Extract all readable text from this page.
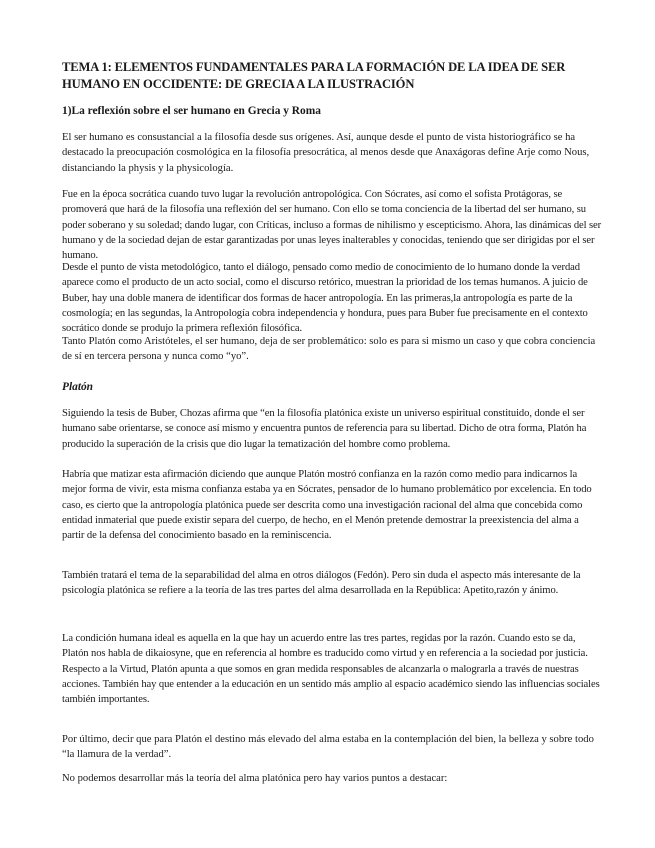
TEMA 1: ELEMENTOS FUNDAMENTALES PARA LA FORMACIÓN DE LA IDEA DE SER HUMANO EN OCCIDENTE: DE GRECIA A LA ILUSTRACIÓN
1)La reflexión sobre el ser humano en Grecia y Roma

El ser humano es consustancial a la filosofía desde sus orígenes. Así, aunque desde el punto de vista historiográfico se ha destacado la preocupación cosmológica en la filosofía presocrática, al menos desde que Anaxágoras define Arje como Nous, distanciando la physis y la physicología.

Fue en la época socrática cuando tuvo lugar la revolución antropológica. Con Sócrates, así como el sofista Protágoras, se promoverá que hará de la filosofía una reflexión del ser humano. Con ello se toma conciencia de la libertad del ser humano, su poder soberano y su soledad; dando lugar, con Críticas, incluso a formas de nihilismo y escepticismo. Ahora, las dinámicas del ser humano y de la sociedad dejan de estar garantizadas por unas leyes inalterables y conocidas, teniendo que ser dirigidas por el ser humano.

Desde el punto de vista metodológico, tanto el diálogo, pensado como medio de conocimiento de lo humano donde la verdad aparece como el producto de un acto social, como el discurso retórico, muestran la prioridad de los temas humanos. A juicio de Buber, hay una doble manera de identificar dos formas de hacer antropología. En las primeras,la antropología es parte de la cosmología; en las segundas, la Antropología cobra independencia y hondura, pues para Buber fue precisamente en el contexto socrático donde se produjo la primera reflexión filosófica.

Tanto Platón como Aristóteles, el ser humano, deja de ser problemático: solo es para si mismo un caso y que cobra conciencia de sí en tercera persona y nunca como “yo”.

Platón

Siguiendo la tesis de Buber, Chozas afirma que “en la filosofía platónica existe un universo espiritual constituido, donde el ser humano sabe orientarse, se conoce así mismo y encuentra puntos de referencia para su libertad. Dicho de otra forma, Platón ha producido la superación de la crisis que dio lugar la tematización del hombre como problema.

Habría que matizar esta afirmación diciendo que aunque Platón mostró confianza en la razón como medio para indicarnos la mejor forma de vivir, esta misma confianza estaba ya en Sócrates, pensador de lo humano problemático por excelencia. En todo caso, es cierto que la antropología platónica puede ser descrita como una investigación racional del alma que concebida como entidad inmaterial que puede existir separa del cuerpo, de hecho, en el Menón pretende demostrar la preexistencia del alma a partir de la defensa del conocimiento basado en la reminiscencia.

También tratará el tema de la separabilidad del alma en otros diálogos (Fedón). Pero sin duda el aspecto más interesante de la psicología platónica se refiere a la teoría de las tres partes del alma desarrollada en la República: Apetito,razón y ánimo.

La condición humana ideal es aquella en la que hay un acuerdo entre las tres partes, regidas por la razón. Cuando esto se da, Platón nos habla de dikaiosyne, que en referencia al hombre es traducido como virtud y en referencia a la sociedad por justicia. Respecto a la Virtud, Platón apunta a que somos en gran medida responsables de alcanzarla o malograrla a través de nuestras acciones. También hay que entender a la educación en un sentido más amplio al espacio académico siendo las influencias sociales también importantes.

Por último, decir que para Platón el destino más elevado del alma estaba en la contemplación del bien, la belleza y sobre todo “la llamura de la verdad”.

No podemos desarrollar más la teoría del alma platónica pero hay varios puntos a destacar:
